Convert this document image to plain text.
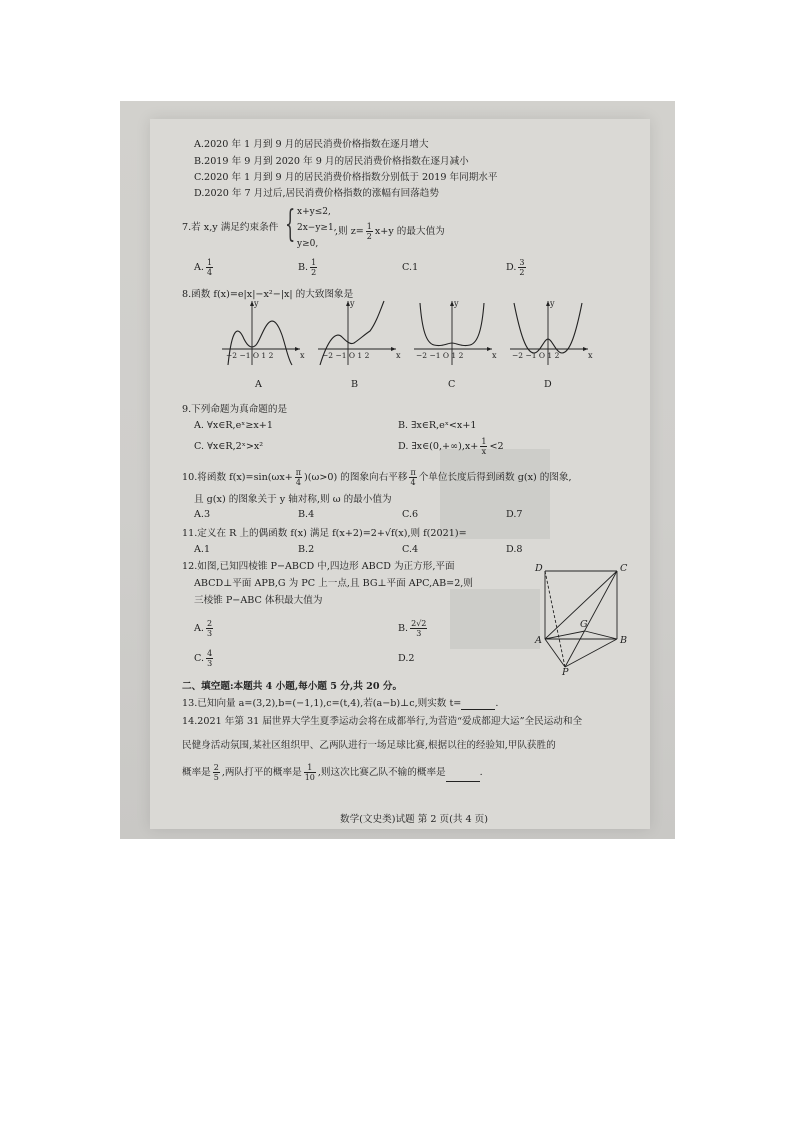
A.2020 年 1 月到 9 月的居民消费价格指数在逐月增大
B.2019 年 9 月到 2020 年 9 月的居民消费价格指数在逐月减小
C.2020 年 1 月到 9 月的居民消费价格指数分别低于 2019 年同期水平
D.2020 年 7 月过后,居民消费价格指数的涨幅有回落趋势
7.若 x,y 满足约束条件 { x+y≤2,
2x−y≥1,
y≥0,
,则 $z= \frac{1}{2} x+y$ 的最大值为
A. $\frac{1}{4}$	B. $\frac{1}{2}$	C.1	D. $\frac{3}{2}$
8.函数 f(x)=e|x|−x²−|x| 的大致图象是
y
x
−2 −1 O 1 2
A
y
x
−2 −1 O 1 2
B
y
x
−2 −1 O 1 2
C
y
x
−2 −1 O 1 2
D
9.下列命题为真命题的是
A. ∀x∈R,eˣ≥x+1	B. ∃x∈R,eˣ<x+1
C. ∀x∈R,2ˣ>x²	D. ∃x∈(0,+∞),x+ $\frac{1}{x} <2$
10.将函数 $f(x)=\sin(\omega x+ \frac{\pi}{4} )(\omega>0)$ 的图象向右平移 $\frac{\pi}{4}$ 个单位长度后得到函数 g(x) 的图象,
且 g(x) 的图象关于 y 轴对称,则 ω 的最小值为
A.3	B.4	C.6	D.7
11.定义在 R 上的偶函数 f(x) 满足 f(x+2)=2+√f(x),则 f(2021)=
A.1	B.2	C.4	D.8
12.如图,已知四棱锥 P−ABCD 中,四边形 ABCD 为正方形,平面
ABCD⊥平面 APB,G 为 PC 上一点,且 BG⊥平面 APC,AB=2,则
三棱锥 P−ABC 体积最大值为
A. $\frac{2}{3}$	B. $\frac{2√2}{3}$
C. $\frac{4}{3}$	D.2
D	C
A	B
G
P
二、填空题:本题共 4 小题,每小题 5 分,共 20 分。
13.已知向量 a=(3,2),b=(−1,1),c=(t,4),若(a−b)⊥c,则实数 t=	.
14.2021 年第 31 届世界大学生夏季运动会将在成都举行,为营造“爱成都迎大运”全民运动和全
民健身活动氛围,某社区组织甲、乙两队进行一场足球比赛,根据以往的经验知,甲队获胜的
概率是 $\frac{2}{5}$ ,两队打平的概率是 $\frac{1}{10}$ ,则这次比赛乙队不输的概率是	.
数学(文史类)试题 第 2 页(共 4 页)
